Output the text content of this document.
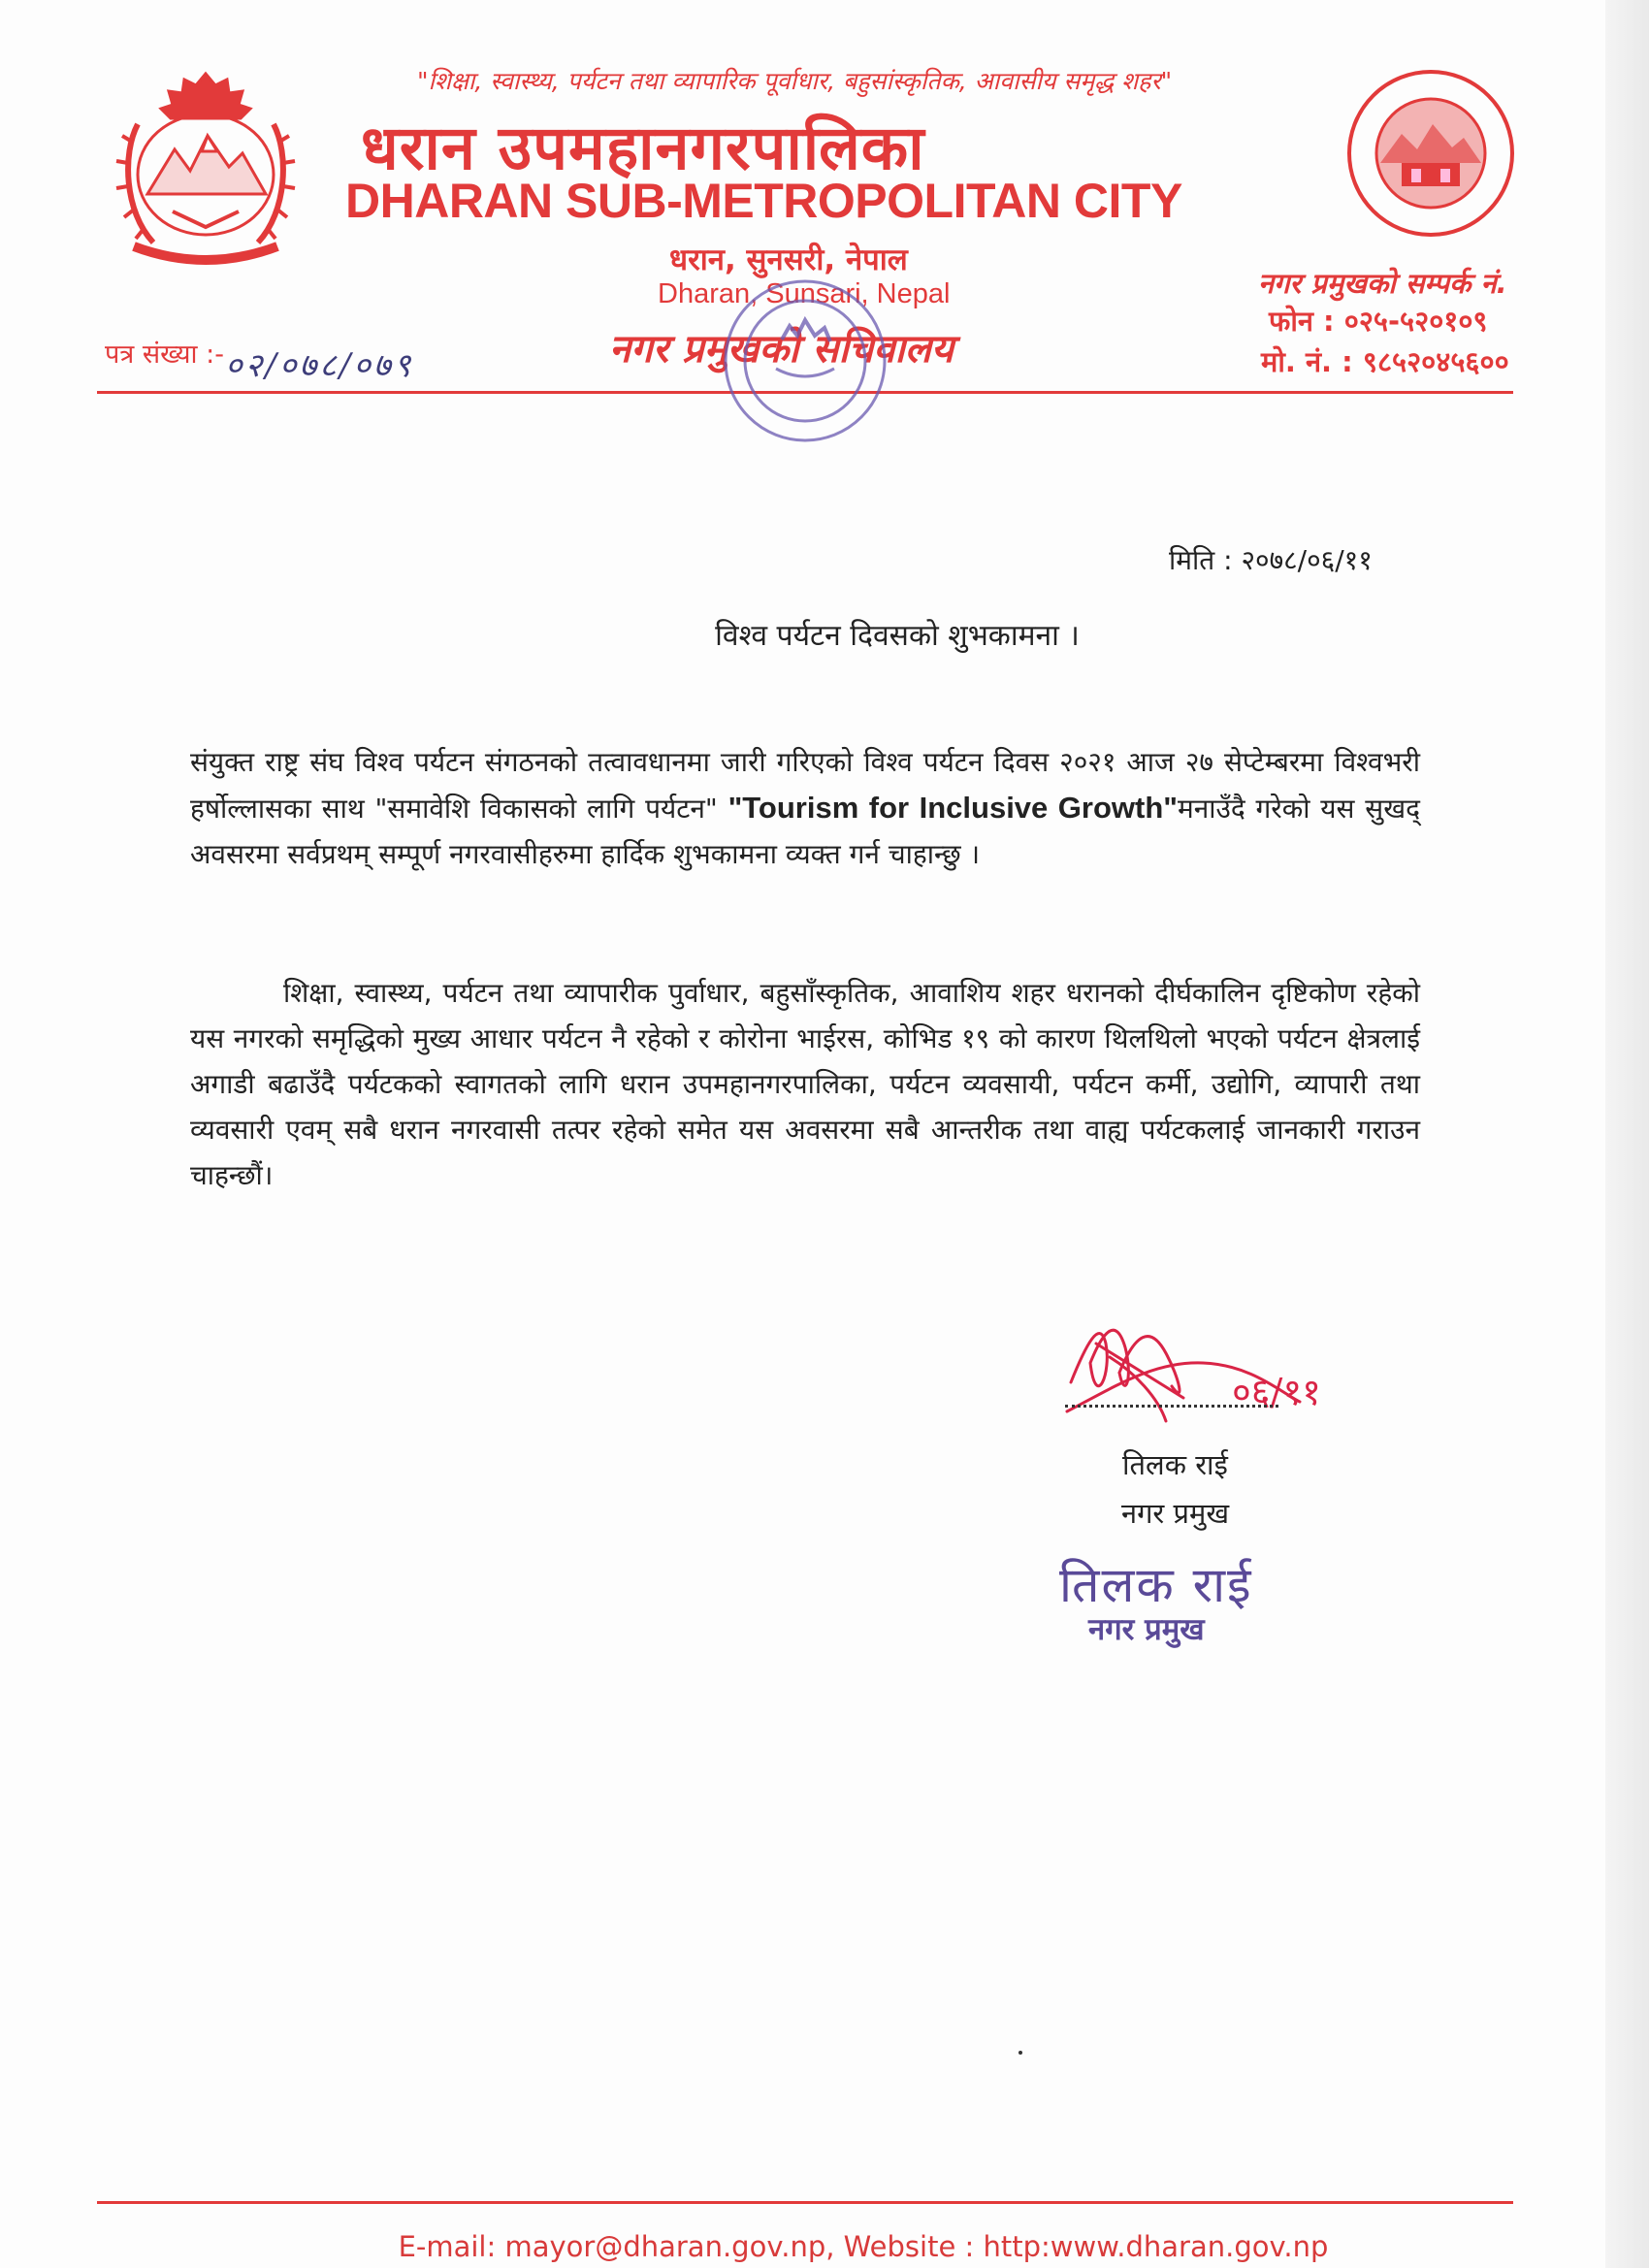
"शिक्षा, स्वास्थ्य, पर्यटन तथा व्यापारिक पूर्वाधार, बहुसांस्कृतिक, आवासीय समृद्ध शहर"
धरान उपमहानगरपालिका
DHARAN SUB-METROPOLITAN CITY
धरान, सुनसरी, नेपाल
Dharan, Sunsari, Nepal
नगर प्रमुखको सचिवालय
पत्र संख्या :- ०२/०७८/०७९
नगर प्रमुखको सम्पर्क नं.
फोन : ०२५-५२०१०९
मो. नं. : ९८५२०४५६००
मिति : २०७८/०६/११
विश्व पर्यटन दिवसको शुभकामना ।
संयुक्त राष्ट्र संघ विश्व पर्यटन संगठनको तत्वावधानमा जारी गरिएको विश्व पर्यटन दिवस २०२१ आज २७ सेप्टेम्बरमा विश्वभरी हर्षोल्लासका साथ "समावेशि विकासको लागि पर्यटन" "Tourism for Inclusive Growth"मनाउँदै गरेको यस सुखद् अवसरमा सर्वप्रथम् सम्पूर्ण नगरवासीहरुमा हार्दिक शुभकामना व्यक्त गर्न चाहान्छु ।
शिक्षा, स्वास्थ्य, पर्यटन तथा व्यापारीक पुर्वाधार, बहुसाँस्कृतिक, आवाशिय शहर धरानको दीर्घकालिन दृष्टिकोण रहेको यस नगरको समृद्धिको मुख्य आधार पर्यटन नै रहेको र कोरोना भाईरस, कोभिड १९ को कारण थिलथिलो भएको पर्यटन क्षेत्रलाई अगाडी बढाउँदै पर्यटकको स्वागतको लागि धरान उपमहानगरपालिका, पर्यटन व्यवसायी, पर्यटन कर्मी, उद्योगि, व्यापारी तथा व्यवसारी एवम् सबै धरान नगरवासी तत्पर रहेको समेत यस अवसरमा सबै आन्तरीक तथा वाह्य पर्यटकलाई जानकारी गराउन चाहन्छौं।
०६/११
तिलक राई
नगर प्रमुख
तिलक राई
नगर प्रमुख
E-mail: mayor@dharan.gov.np, Website : http:www.dharan.gov.np
